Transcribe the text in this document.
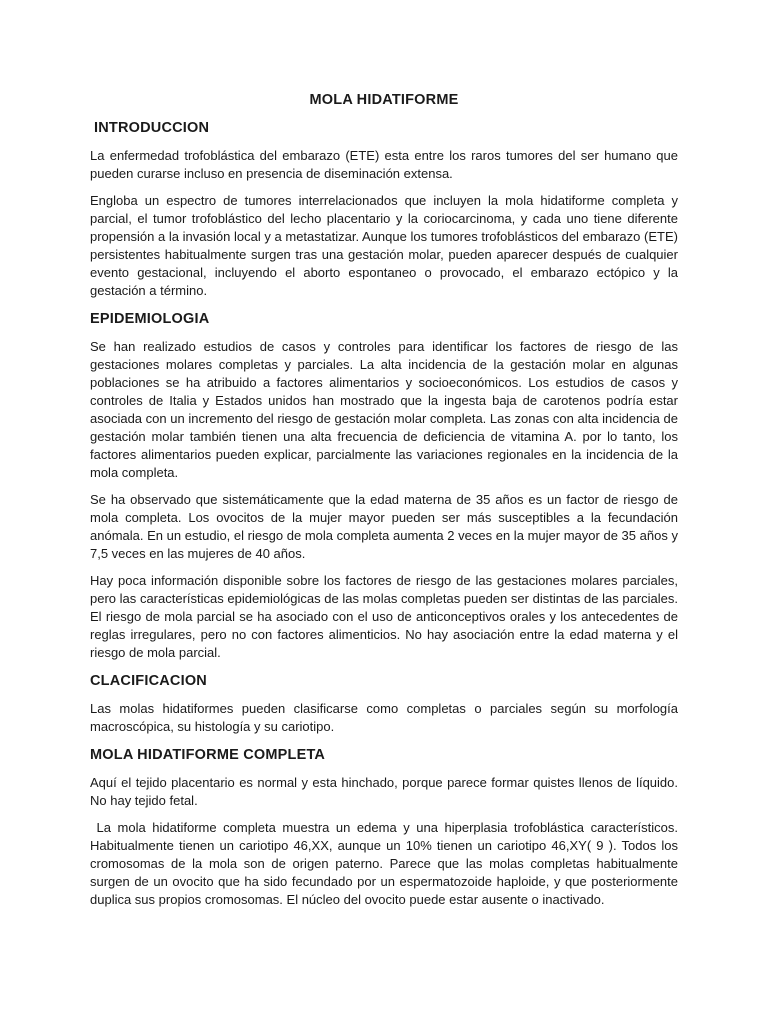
MOLA HIDATIFORME
INTRODUCCION

La enfermedad trofoblástica del embarazo (ETE) esta entre los raros tumores del ser humano que pueden curarse incluso en presencia de diseminación extensa.

Engloba un espectro de tumores interrelacionados que incluyen la mola hidatiforme completa y parcial, el tumor trofoblástico del lecho placentario y la coriocarcinoma, y cada uno tiene diferente propensión a la invasión local y a metastatizar. Aunque los tumores trofoblásticos del embarazo (ETE) persistentes habitualmente surgen tras una gestación molar, pueden aparecer después de cualquier evento gestacional, incluyendo el aborto espontaneo o provocado, el embarazo ectópico y la gestación a término.

EPIDEMIOLOGIA

Se han realizado estudios de casos y controles para identificar los factores de riesgo de las gestaciones molares completas y parciales. La alta incidencia de la gestación molar en algunas poblaciones se ha atribuido a factores alimentarios y socioeconómicos. Los estudios de casos y controles de Italia y Estados unidos han mostrado que la ingesta baja de carotenos podría estar asociada con un incremento del riesgo de gestación molar completa. Las zonas con alta incidencia de gestación molar también tienen una alta frecuencia de deficiencia de vitamina A. por lo tanto, los factores alimentarios pueden explicar, parcialmente las variaciones regionales en la incidencia de la mola completa.

Se ha observado que sistemáticamente que la edad materna de 35 años es un factor de riesgo de mola completa. Los ovocitos de la mujer mayor pueden ser más susceptibles a la fecundación anómala. En un estudio, el riesgo de mola completa aumenta 2 veces en la mujer mayor de 35 años y 7,5 veces en las mujeres de 40 años.

Hay poca información disponible sobre los factores de riesgo de las gestaciones molares parciales, pero las características epidemiológicas de las molas completas pueden ser distintas de las parciales. El riesgo de mola parcial se ha asociado con el uso de anticonceptivos orales y los antecedentes de reglas irregulares, pero no con factores alimenticios. No hay asociación entre la edad materna y el riesgo de mola parcial.

CLACIFICACION

Las molas hidatiformes pueden clasificarse como completas o parciales según su morfología macroscópica, su histología y su cariotipo.

MOLA HIDATIFORME COMPLETA

Aquí el tejido placentario es normal y esta hinchado, porque parece formar quistes llenos de líquido. No hay tejido fetal.

La mola hidatiforme completa muestra un edema y una hiperplasia trofoblástica característicos. Habitualmente tienen un cariotipo 46,XX, aunque un 10% tienen un cariotipo 46,XY( 9 ). Todos los cromosomas de la mola son de origen paterno. Parece que las molas completas habitualmente surgen de un ovocito que ha sido fecundado por un espermatozoide haploide, y que posteriormente duplica sus propios cromosomas. El núcleo del ovocito puede estar ausente o inactivado.
